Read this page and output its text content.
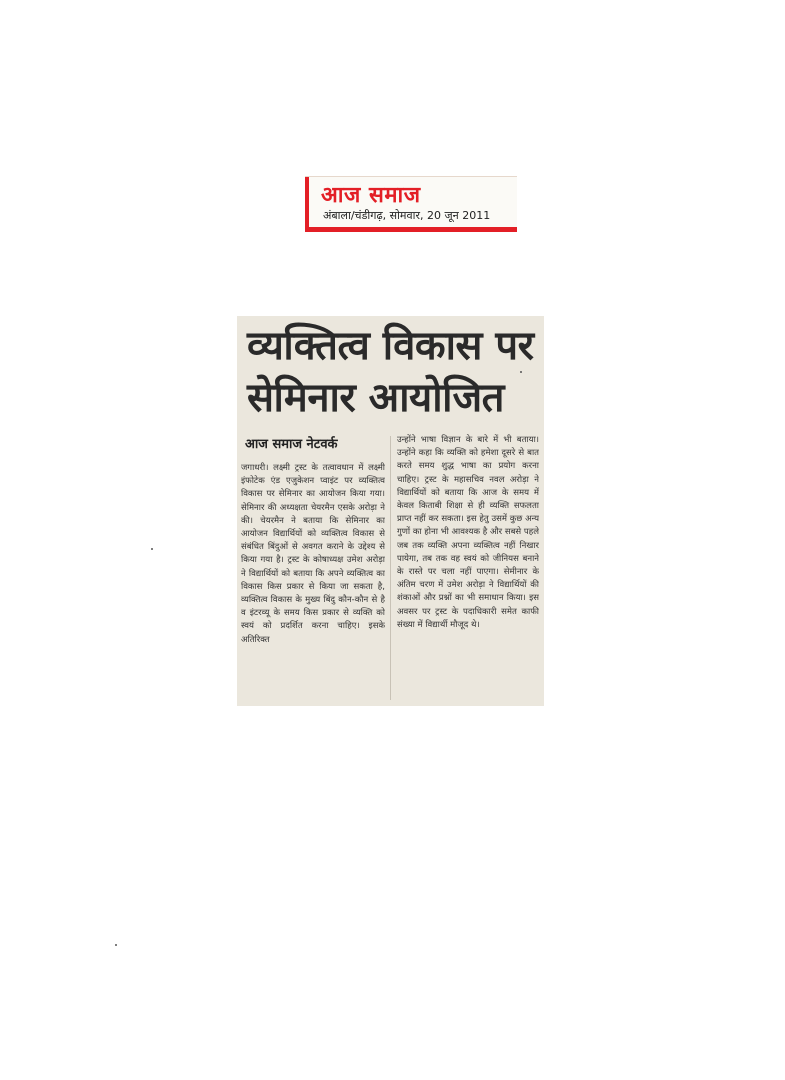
आज समाज
अंबाला/चंडीगढ़, सोमवार, 20 जून 2011
व्यक्तित्व विकास पर
सेमिनार आयोजित
आज समाज नेटवर्क
जगाधरी। लक्ष्मी ट्रस्ट के तत्वावधान में लक्ष्मी इंफोटेक एंड एजुकेशन प्वाइंट पर व्यक्तित्व विकास पर सेमिनार का आयोजन किया गया। सेमिनार की अध्यक्षता चेयरमैन एसके अरोड़ा ने की। चेयरमैन ने बताया कि सेमिनार का आयोजन विद्यार्थियों को व्यक्तित्व विकास से संबंधित बिंदुओं से अवगत कराने के उद्देश्य से किया गया है। ट्रस्ट के कोषाध्यक्ष उमेश अरोड़ा ने विद्यार्थियों को बताया कि अपने व्यक्तित्व का विकास किस प्रकार से किया जा सकता है, व्यक्तित्व विकास के मुख्य बिंदु कौन-कौन से है व इंटरव्यू के समय किस प्रकार से व्यक्ति को स्वयं को प्रदर्शित करना चाहिए। इसके अतिरिक्त
उन्होंने भाषा विज्ञान के बारे में भी बताया। उन्होंने कहा कि व्यक्ति को हमेशा दूसरे से बात करते समय शुद्ध भाषा का प्रयोग करना चाहिए। ट्रस्ट के महासचिव नवल अरोड़ा ने विद्यार्थियों को बताया कि आज के समय में केवल किताबी शिक्षा से ही व्यक्ति सफलता प्राप्त नहीं कर सकता। इस हेतु उसमें कुछ अन्य गुणों का होना भी आवश्यक है और सबसे पहले जब तक व्यक्ति अपना व्यक्तित्व नहीं निखार पायेगा, तब तक वह स्वयं को जीनियस बनाने के रास्ते पर चला नहीं पाएगा। सेमीनार के अंतिम चरण में उमेश अरोड़ा ने विद्यार्थियों की शंकाओं और प्रश्नों का भी समाधान किया। इस अवसर पर ट्रस्ट के पदाधिकारी समेत काफी संख्या में विद्यार्थी मौजूद थे।
